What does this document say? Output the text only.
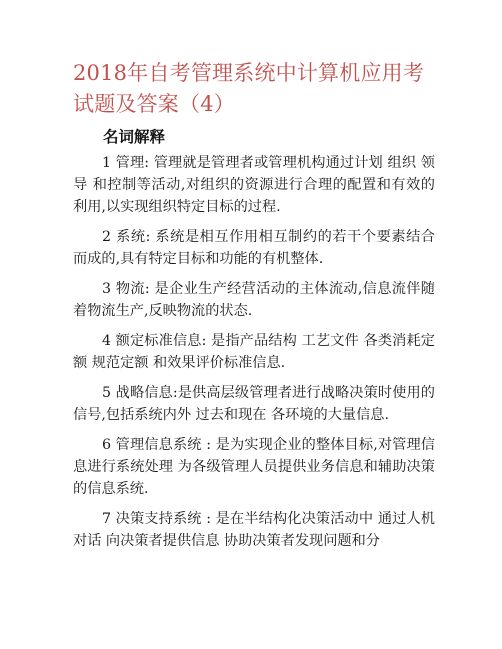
2018年自考管理系统中计算机应用考试题及答案（4）
名词解释

1 管理: 管理就是管理者或管理机构通过计划 组织 领导 和控制等活动,对组织的资源进行合理的配置和有效的利用,以实现组织特定目标的过程.

2 系统: 系统是相互作用相互制约的若干个要素结合而成的,具有特定目标和功能的有机整体.

3 物流: 是企业生产经营活动的主体流动,信息流伴随着物流生产,反映物流的状态.

4 额定标准信息: 是指产品结构 工艺文件 各类消耗定额 规范定额 和效果评价标准信息.

5 战略信息:是供高层级管理者进行战略决策时使用的信号,包括系统内外 过去和现在 各环境的大量信息.

6 管理信息系统 : 是为实现企业的整体目标,对管理信息进行系统处理 为各级管理人员提供业务信息和辅助决策的信息系统.

7 决策支持系统 : 是在半结构化决策活动中 通过人机对话 向决策者提供信息 协助决策者发现问题和分
